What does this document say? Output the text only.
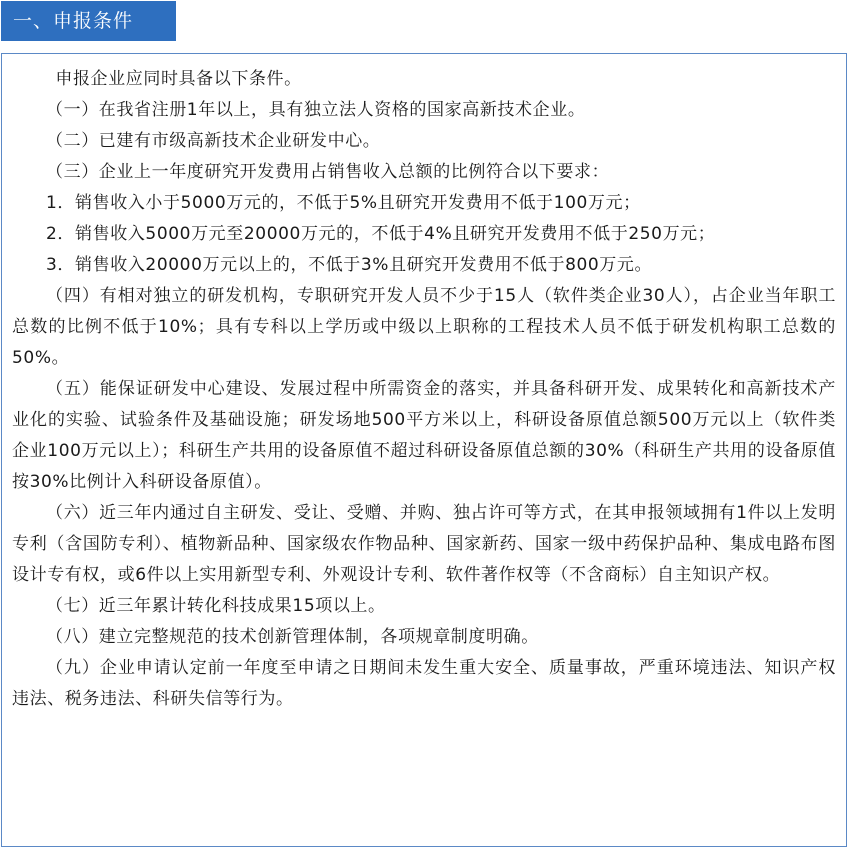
一、申报条件

申报企业应同时具备以下条件。

（一）在我省注册1年以上，具有独立法人资格的国家高新技术企业。

（二）已建有市级高新技术企业研发中心。

（三）企业上一年度研究开发费用占销售收入总额的比例符合以下要求：

1．销售收入小于5000万元的，不低于5%且研究开发费用不低于100万元；

2．销售收入5000万元至20000万元的，不低于4%且研究开发费用不低于250万元；

3．销售收入20000万元以上的，不低于3%且研究开发费用不低于800万元。

（四）有相对独立的研发机构，专职研究开发人员不少于15人（软件类企业30人），占企业当年职工总数的比例不低于10%；具有专科以上学历或中级以上职称的工程技术人员不低于研发机构职工总数的50%。

（五）能保证研发中心建设、发展过程中所需资金的落实，并具备科研开发、成果转化和高新技术产业化的实验、试验条件及基础设施；研发场地500平方米以上，科研设备原值总额500万元以上（软件类企业100万元以上）；科研生产共用的设备原值不超过科研设备原值总额的30%（科研生产共用的设备原值按30%比例计入科研设备原值）。

（六）近三年内通过自主研发、受让、受赠、并购、独占许可等方式，在其申报领域拥有1件以上发明专利（含国防专利）、植物新品种、国家级农作物品种、国家新药、国家一级中药保护品种、集成电路布图设计专有权，或6件以上实用新型专利、外观设计专利、软件著作权等（不含商标）自主知识产权。

（七）近三年累计转化科技成果15项以上。

（八）建立完整规范的技术创新管理体制，各项规章制度明确。

（九）企业申请认定前一年度至申请之日期间未发生重大安全、质量事故，严重环境违法、知识产权违法、税务违法、科研失信等行为。
